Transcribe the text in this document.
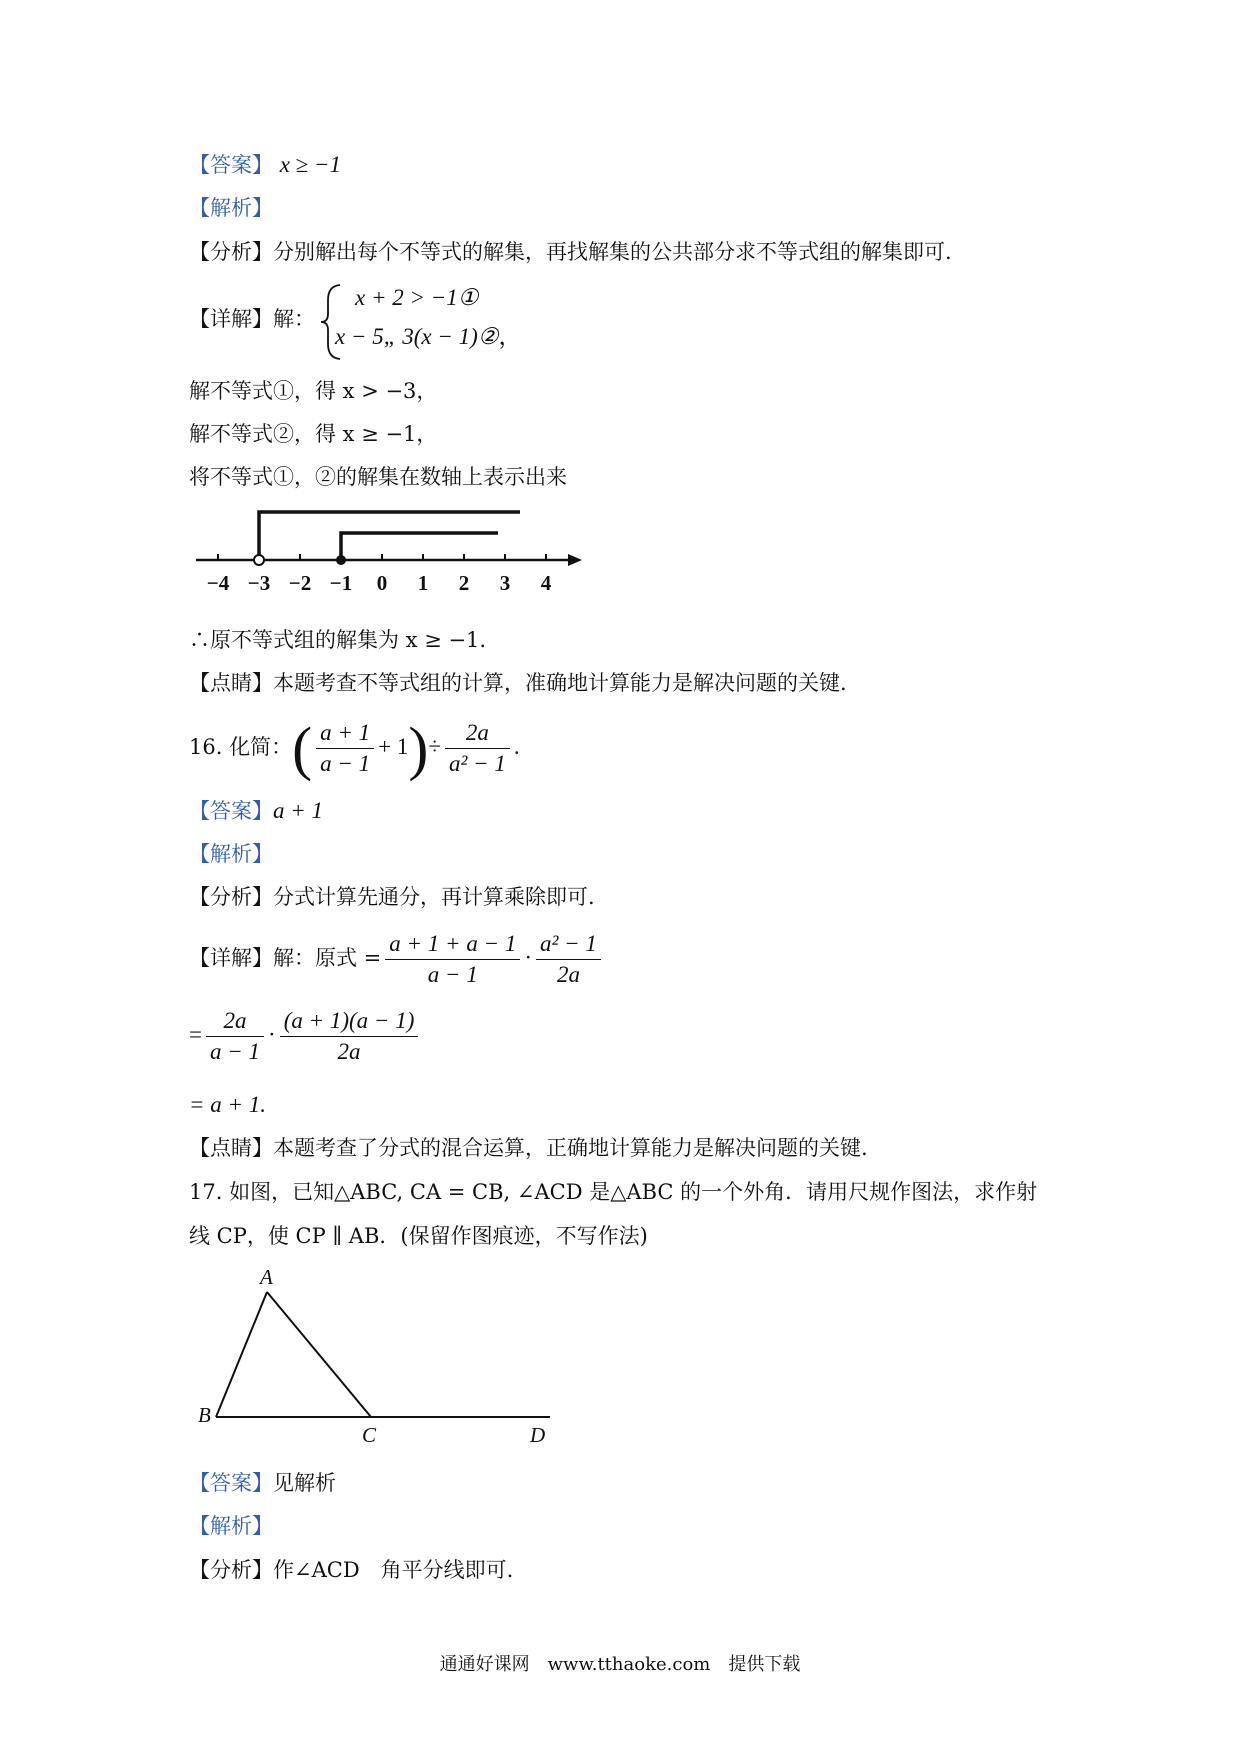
【答案】 x ≥ −1
【解析】
【分析】分别解出每个不等式的解集，再找解集的公共部分求不等式组的解集即可.
【详解】解：
x + 2 > −1①
x − 5„ 3(x − 1)②，
解不等式①，得 x > −3，
解不等式②，得 x ≥ −1，
将不等式①，②的解集在数轴上表示出来
−4 −3 −2 −1 0 1 2 3 4
∴原不等式组的解集为 x ≥ −1.
【点睛】本题考查不等式组的计算，准确地计算能力是解决问题的关键.
16. 化简：( $\frac{a + 1}{a - 1} + 1)\div \frac{2a}{\text{a² − 1}}$ .
【答案】a + 1
【解析】
【分析】分式计算先通分，再计算乘除即可.
【详解】解：原式 = $\frac{a + 1 + a - 1}{a - 1} \cdot \frac{\text{a² − 1}}{2a}$
= $\frac{2a}{a - 1} \cdot \frac{(a + 1)(a - 1)}{2a}$
= a + 1.
【点睛】本题考查了分式的混合运算，正确地计算能力是解决问题的关键.
17. 如图，已知△ABC, CA = CB, ∠ACD 是△ABC 的一个外角．请用尺规作图法，求作射
线 CP，使 CP ∥ AB．(保留作图痕迹，不写作法)
A
B
C	D
【答案】见解析
【解析】
【分析】作∠ACD　角平分线即可.
通通好课网　www.tthaoke.com　提供下载
